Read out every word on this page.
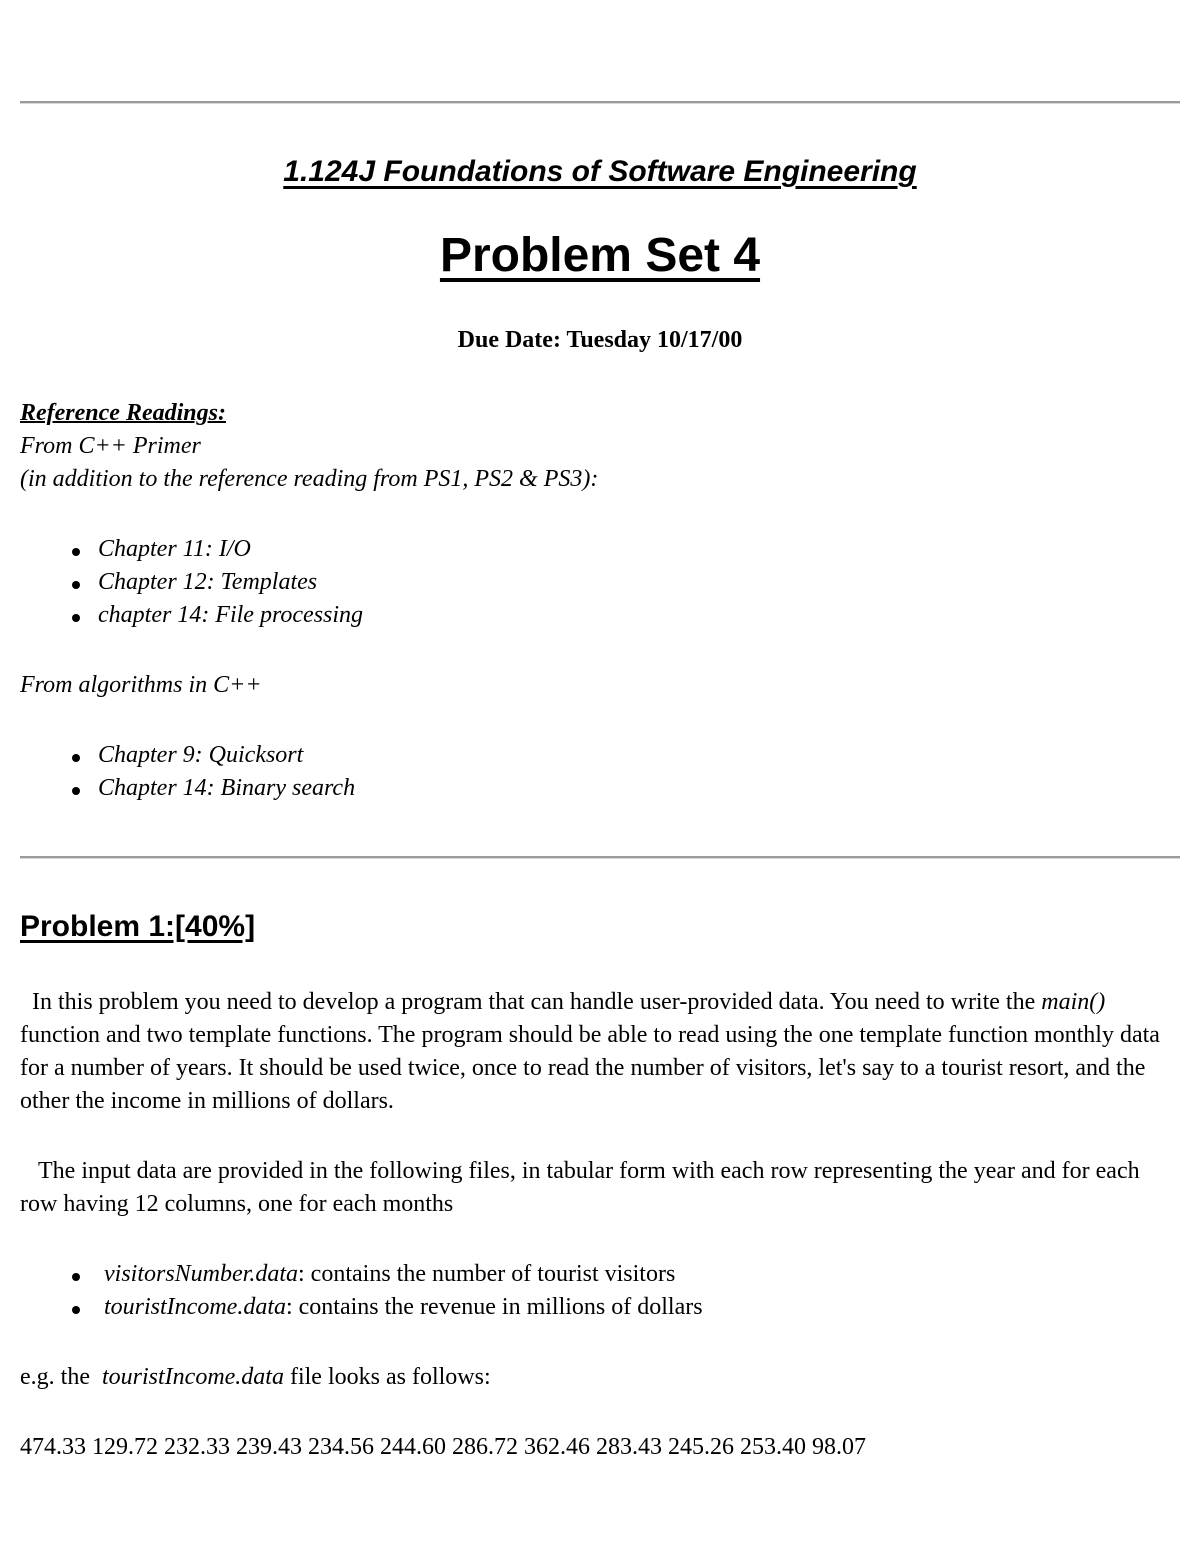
1.124J Foundations of Software Engineering
Problem Set 4
Due Date: Tuesday 10/17/00
Reference Readings:
From C++ Primer
(in addition to the reference reading from PS1, PS2 & PS3):
Chapter 11: I/O
Chapter 12: Templates
chapter 14: File processing
From algorithms in C++
Chapter 9: Quicksort
Chapter 14: Binary search
Problem 1:[40%]
In this problem you need to develop a program that can handle user-provided data. You need to write the main() function and two template functions. The program should be able to read using the one template function monthly data for a number of years. It should be used twice, once to read the number of visitors, let's say to a tourist resort, and the other the income in millions of dollars.
The input data are provided in the following files, in tabular form with each row representing the year and for each row having 12 columns, one for each months
visitorsNumber.data: contains the number of tourist visitors
touristIncome.data: contains the revenue in millions of dollars
e.g. the  touristIncome.data file looks as follows:
474.33 129.72 232.33 239.43 234.56 244.60 286.72 362.46 283.43 245.26 253.40 98.07
